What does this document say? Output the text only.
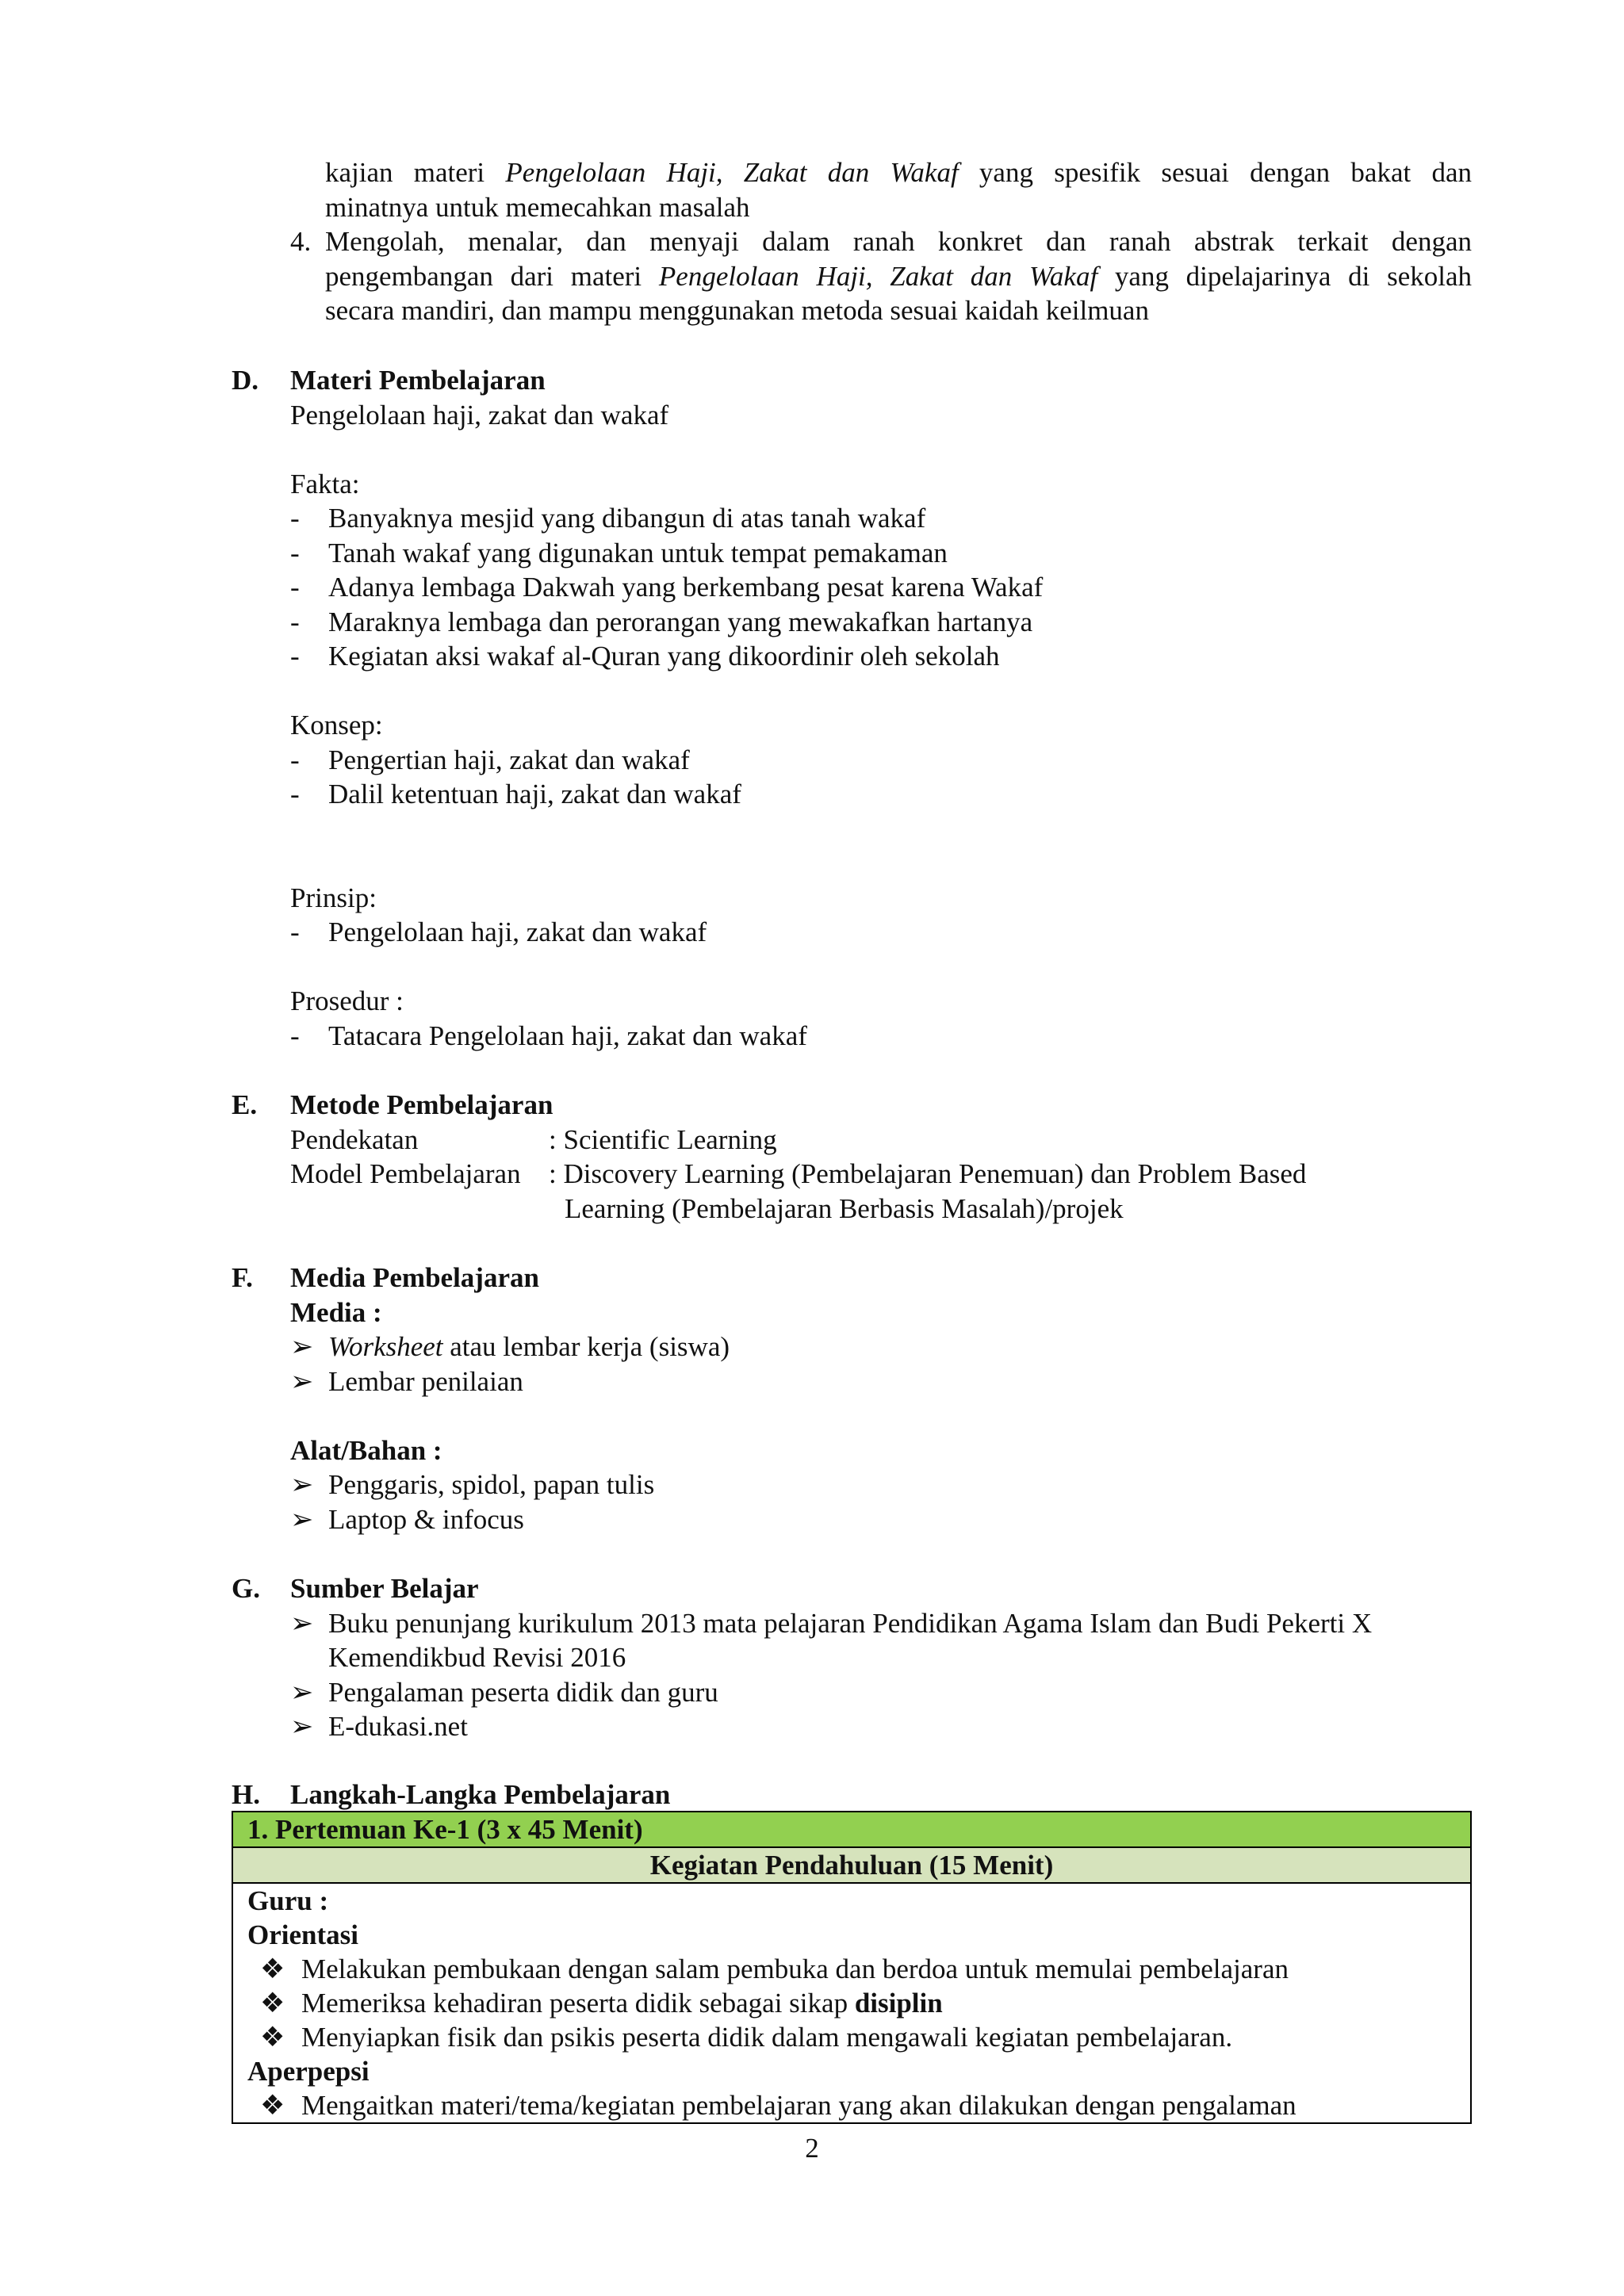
kajian materi Pengelolaan Haji, Zakat dan Wakaf yang spesifik sesuai dengan bakat dan
minatnya untuk memecahkan masalah
4. Mengolah, menalar, dan menyaji dalam ranah konkret dan ranah abstrak terkait dengan
pengembangan dari materi Pengelolaan Haji, Zakat dan Wakaf yang dipelajarinya di sekolah
secara mandiri, dan mampu menggunakan metoda sesuai kaidah keilmuan
D. Materi Pembelajaran
Pengelolaan haji, zakat dan wakaf
Fakta:
- Banyaknya mesjid yang dibangun di atas tanah wakaf
- Tanah wakaf yang digunakan untuk tempat pemakaman
- Adanya lembaga Dakwah yang berkembang pesat karena Wakaf
- Maraknya lembaga dan perorangan yang mewakafkan hartanya
- Kegiatan aksi wakaf al-Quran yang dikoordinir oleh sekolah
Konsep:
- Pengertian haji, zakat dan wakaf
- Dalil ketentuan haji, zakat dan wakaf
Prinsip:
- Pengelolaan haji, zakat dan wakaf
Prosedur :
- Tatacara Pengelolaan haji, zakat dan wakaf
E. Metode Pembelajaran
Pendekatan	: Scientific Learning
Model Pembelajaran : Discovery Learning (Pembelajaran Penemuan) dan Problem Based
Learning (Pembelajaran Berbasis Masalah)/projek
F. Media Pembelajaran
Media :
➢ Worksheet atau lembar kerja (siswa)
➢ Lembar penilaian
Alat/Bahan :
➢ Penggaris, spidol, papan tulis
➢ Laptop & infocus
G. Sumber Belajar
➢ Buku penunjang kurikulum 2013 mata pelajaran Pendidikan Agama Islam dan Budi Pekerti X
Kemendikbud Revisi 2016
➢ Pengalaman peserta didik dan guru
➢ E-dukasi.net
H. Langkah-Langka Pembelajaran
1. Pertemuan Ke-1 (3 x 45 Menit)
Kegiatan Pendahuluan (15 Menit)

Guru :
Orientasi
❖ Melakukan pembukaan dengan salam pembuka dan berdoa untuk memulai pembelajaran
❖ Memeriksa kehadiran peserta didik sebagai sikap disiplin
❖ Menyiapkan fisik dan psikis peserta didik dalam mengawali kegiatan pembelajaran.
Aperpepsi
❖ Mengaitkan materi/tema/kegiatan pembelajaran yang akan dilakukan dengan pengalaman
2
